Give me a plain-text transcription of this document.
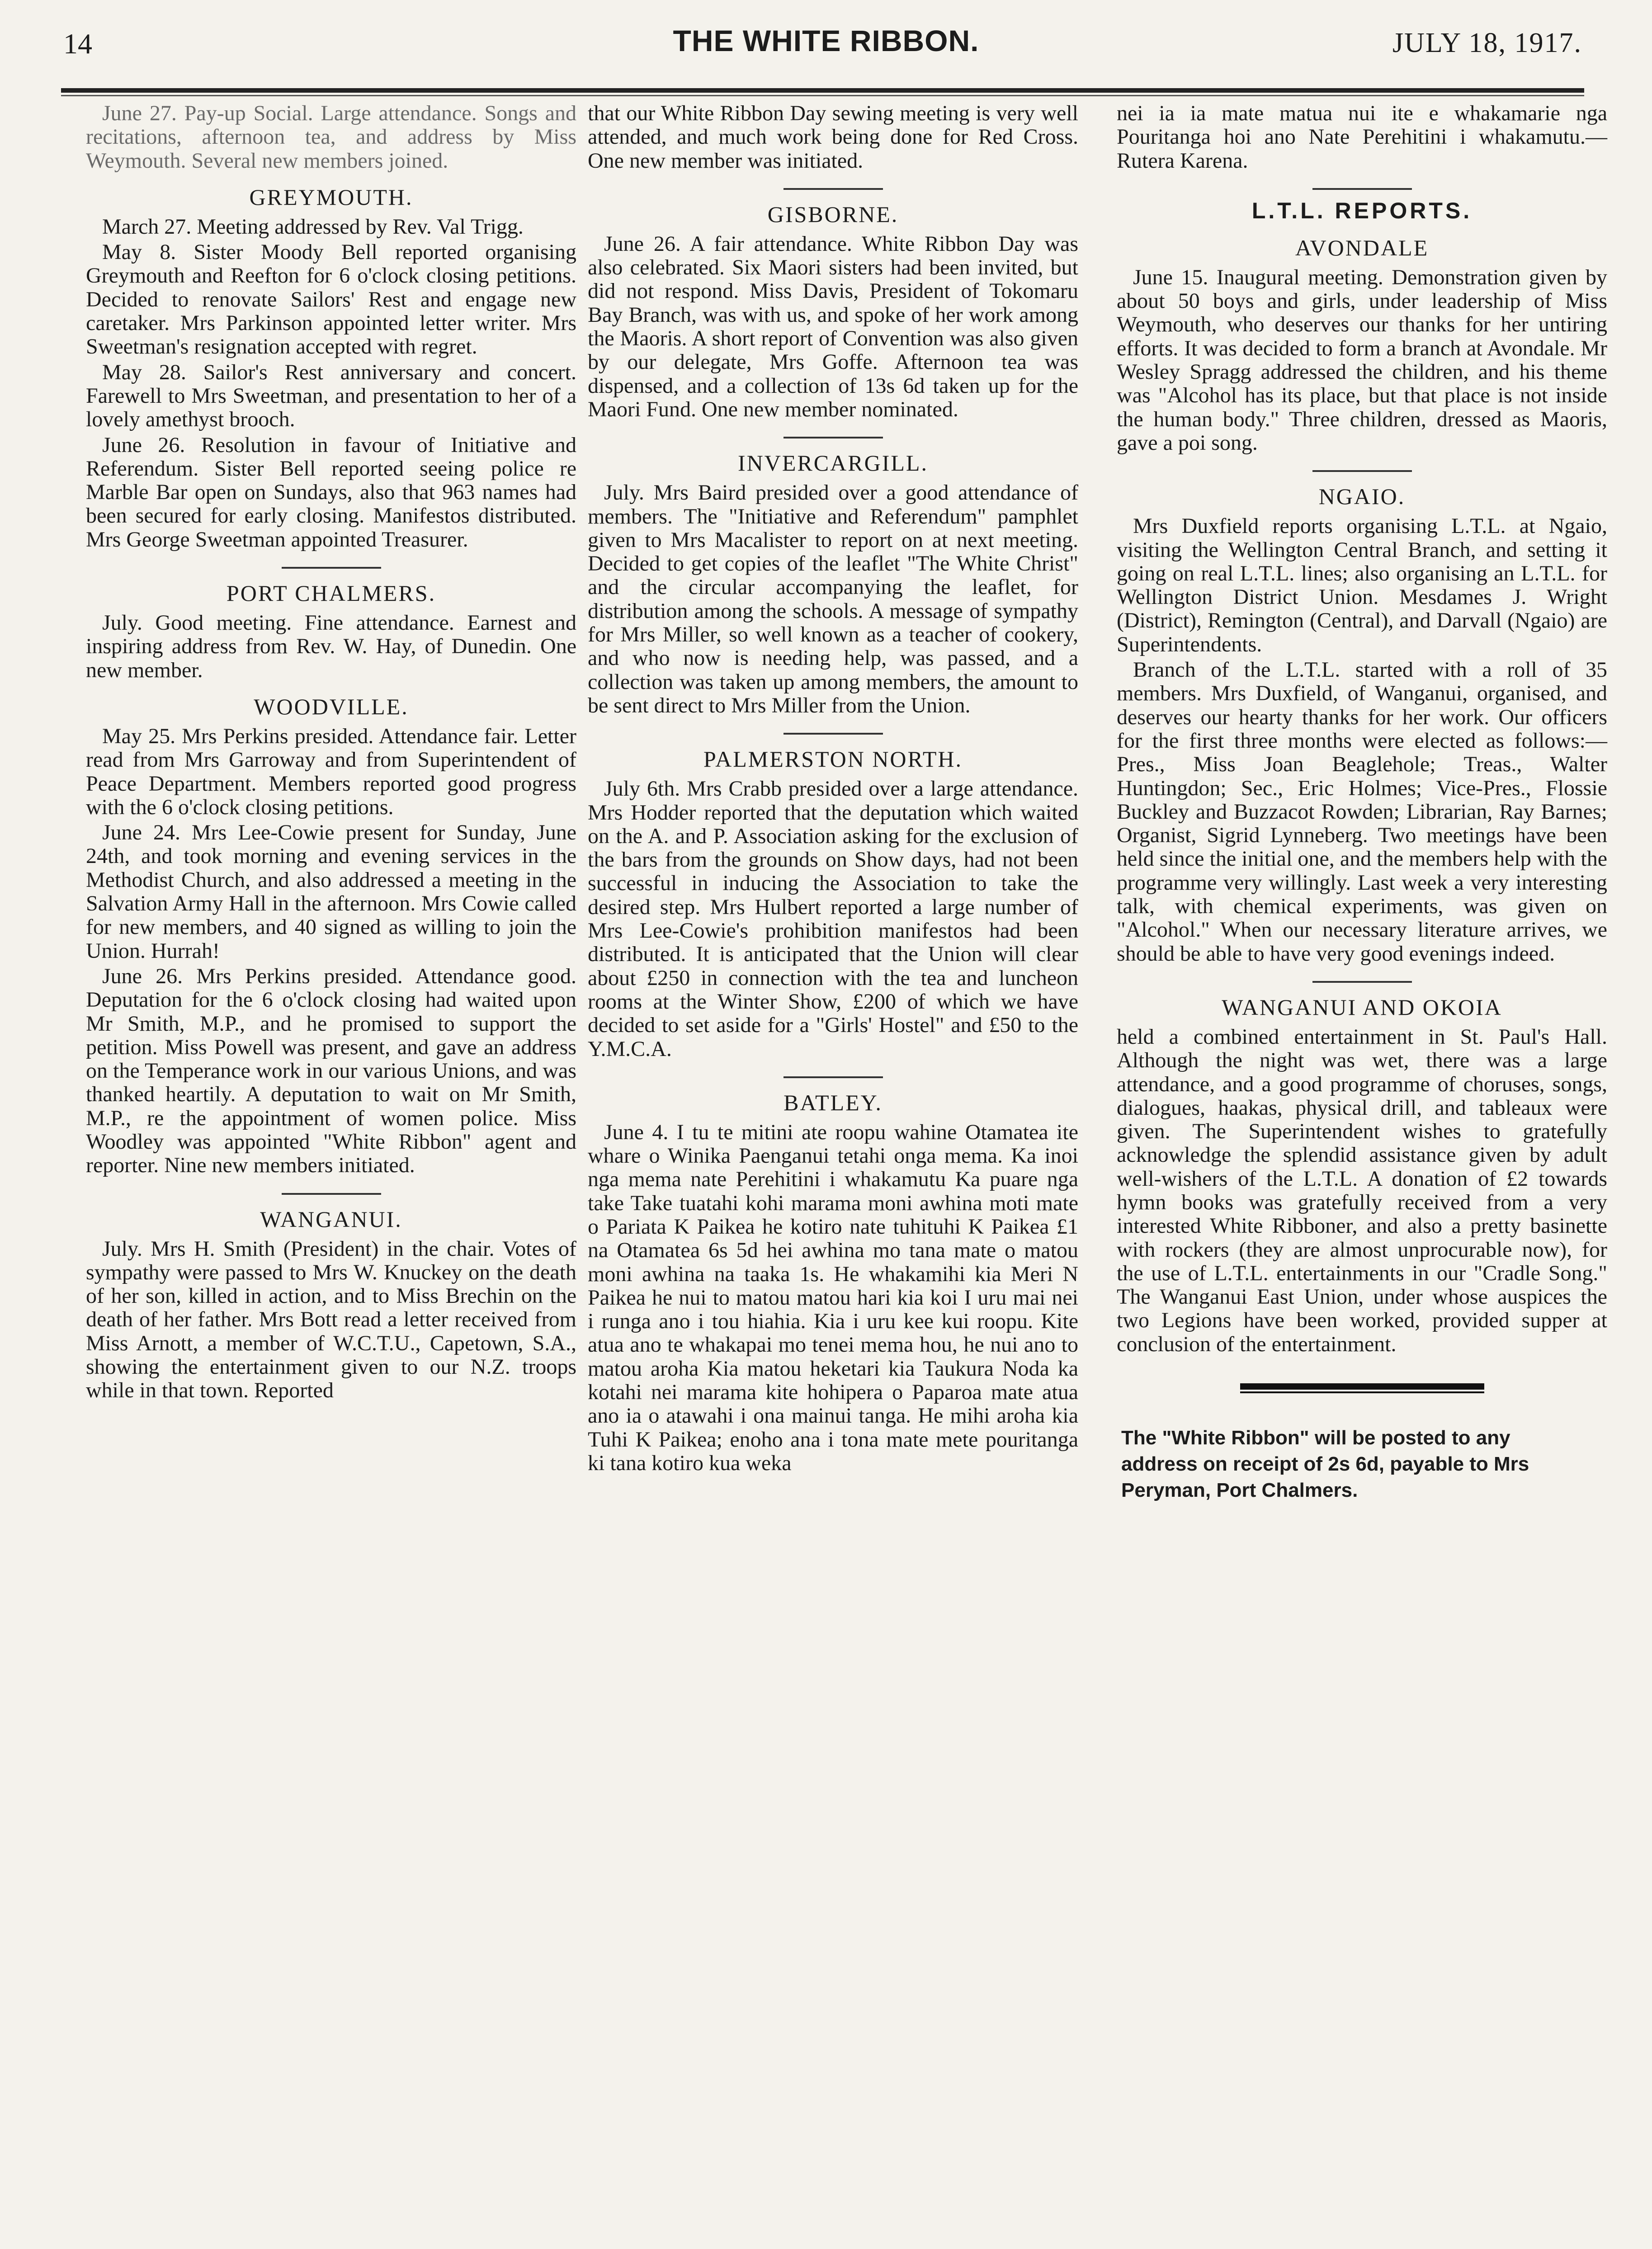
14	THE WHITE RIBBON.	JULY 18, 1917.

June 27. Pay-up Social. Large attendance. Songs and recitations, afternoon tea, and address by Miss Weymouth. Several new members joined.

GREYMOUTH.

March 27. Meeting addressed by Rev. Val Trigg.

May 8. Sister Moody Bell reported organising Greymouth and Reefton for 6 o'clock closing petitions. Decided to renovate Sailors' Rest and engage new caretaker. Mrs Parkinson appointed letter writer. Mrs Sweetman's resignation accepted with regret.

May 28. Sailor's Rest anniversary and concert. Farewell to Mrs Sweetman, and presentation to her of a lovely amethyst brooch.

June 26. Resolution in favour of Initiative and Referendum. Sister Bell reported seeing police re Marble Bar open on Sundays, also that 963 names had been secured for early closing. Manifestos distributed. Mrs George Sweetman appointed Treasurer.

PORT CHALMERS.

July. Good meeting. Fine attendance. Earnest and inspiring address from Rev. W. Hay, of Dunedin. One new member.

WOODVILLE.

May 25. Mrs Perkins presided. Attendance fair. Letter read from Mrs Garroway and from Superintendent of Peace Department. Members reported good progress with the 6 o'clock closing petitions.

June 24. Mrs Lee-Cowie present for Sunday, June 24th, and took morning and evening services in the Methodist Church, and also addressed a meeting in the Salvation Army Hall in the afternoon. Mrs Cowie called for new members, and 40 signed as willing to join the Union. Hurrah!

June 26. Mrs Perkins presided. Attendance good. Deputation for the 6 o'clock closing had waited upon Mr Smith, M.P., and he promised to support the petition. Miss Powell was present, and gave an address on the Temperance work in our various Unions, and was thanked heartily. A deputation to wait on Mr Smith, M.P., re the appointment of women police. Miss Woodley was appointed "White Ribbon" agent and reporter. Nine new members initiated.

WANGANUI.

July. Mrs H. Smith (President) in the chair. Votes of sympathy were passed to Mrs W. Knuckey on the death of her son, killed in action, and to Miss Brechin on the death of her father. Mrs Bott read a letter received from Miss Arnott, a member of W.C.T.U., Capetown, S.A., showing the entertainment given to our N.Z. troops while in that town. Reported

that our White Ribbon Day sewing meeting is very well attended, and much work being done for Red Cross. One new member was initiated.

GISBORNE.

June 26. A fair attendance. White Ribbon Day was also celebrated. Six Maori sisters had been invited, but did not respond. Miss Davis, President of Tokomaru Bay Branch, was with us, and spoke of her work among the Maoris. A short report of Convention was also given by our delegate, Mrs Goffe. Afternoon tea was dispensed, and a collection of 13s 6d taken up for the Maori Fund. One new member nominated.

INVERCARGILL.

July. Mrs Baird presided over a good attendance of members. The "Initiative and Referendum" pamphlet given to Mrs Macalister to report on at next meeting. Decided to get copies of the leaflet "The White Christ" and the circular accompanying the leaflet, for distribution among the schools. A message of sympathy for Mrs Miller, so well known as a teacher of cookery, and who now is needing help, was passed, and a collection was taken up among members, the amount to be sent direct to Mrs Miller from the Union.

PALMERSTON NORTH.

July 6th. Mrs Crabb presided over a large attendance. Mrs Hodder reported that the deputation which waited on the A. and P. Association asking for the exclusion of the bars from the grounds on Show days, had not been successful in inducing the Association to take the desired step. Mrs Hulbert reported a large number of Mrs Lee-Cowie's prohibition manifestos had been distributed. It is anticipated that the Union will clear about £250 in connection with the tea and luncheon rooms at the Winter Show, £200 of which we have decided to set aside for a "Girls' Hostel" and £50 to the Y.M.C.A.

BATLEY.

June 4. I tu te mitini ate roopu wahine Otamatea ite whare o Winika Paenganui tetahi onga mema. Ka inoi nga mema nate Perehitini i whakamutu Ka puare nga take Take tuatahi kohi marama moni awhina moti mate o Pariata K Paikea he kotiro nate tuhituhi K Paikea £1 na Otamatea 6s 5d hei awhina mo tana mate o matou moni awhina na taaka 1s. He whakamihi kia Meri N Paikea he nui to matou matou hari kia koi I uru mai nei i runga ano i tou hiahia. Kia i uru kee kui roopu. Kite atua ano te whakapai mo tenei mema hou, he nui ano to matou aroha Kia matou heketari kia Taukura Noda ka kotahi nei marama kite hohipera o Paparoa mate atua ano ia o atawahi i ona mainui tanga. He mihi aroha kia Tuhi K Paikea; enoho ana i tona mate mete pouritanga ki tana kotiro kua weka

nei ia ia mate matua nui ite e whakamarie nga Pouritanga hoi ano Nate Perehitini i whakamutu.—Rutera Karena.

L.T.L. REPORTS.
AVONDALE

June 15. Inaugural meeting. Demonstration given by about 50 boys and girls, under leadership of Miss Weymouth, who deserves our thanks for her untiring efforts. It was decided to form a branch at Avondale. Mr Wesley Spragg addressed the children, and his theme was "Alcohol has its place, but that place is not inside the human body." Three children, dressed as Maoris, gave a poi song.

NGAIO.

Mrs Duxfield reports organising L.T.L. at Ngaio, visiting the Wellington Central Branch, and setting it going on real L.T.L. lines; also organising an L.T.L. for Wellington District Union. Mesdames J. Wright (District), Remington (Central), and Darvall (Ngaio) are Superintendents.

Branch of the L.T.L. started with a roll of 35 members. Mrs Duxfield, of Wanganui, organised, and deserves our hearty thanks for her work. Our officers for the first three months were elected as follows:—Pres., Miss Joan Beaglehole; Treas., Walter Huntingdon; Sec., Eric Holmes; Vice-Pres., Flossie Buckley and Buzzacot Rowden; Librarian, Ray Barnes; Organist, Sigrid Lynneberg. Two meetings have been held since the initial one, and the members help with the programme very willingly. Last week a very interesting talk, with chemical experiments, was given on "Alcohol." When our necessary literature arrives, we should be able to have very good evenings indeed.

WANGANUI AND OKOIA

held a combined entertainment in St. Paul's Hall. Although the night was wet, there was a large attendance, and a good programme of choruses, songs, dialogues, haakas, physical drill, and tableaux were given. The Superintendent wishes to gratefully acknowledge the splendid assistance given by adult well-wishers of the L.T.L. A donation of £2 towards hymn books was gratefully received from a very interested White Ribboner, and also a pretty basinette with rockers (they are almost unprocurable now), for the use of L.T.L. entertainments in our "Cradle Song." The Wanganui East Union, under whose auspices the two Legions have been worked, provided supper at conclusion of the entertainment.

The "White Ribbon" will be posted to any address on receipt of 2s 6d, payable to Mrs Peryman, Port Chalmers.
